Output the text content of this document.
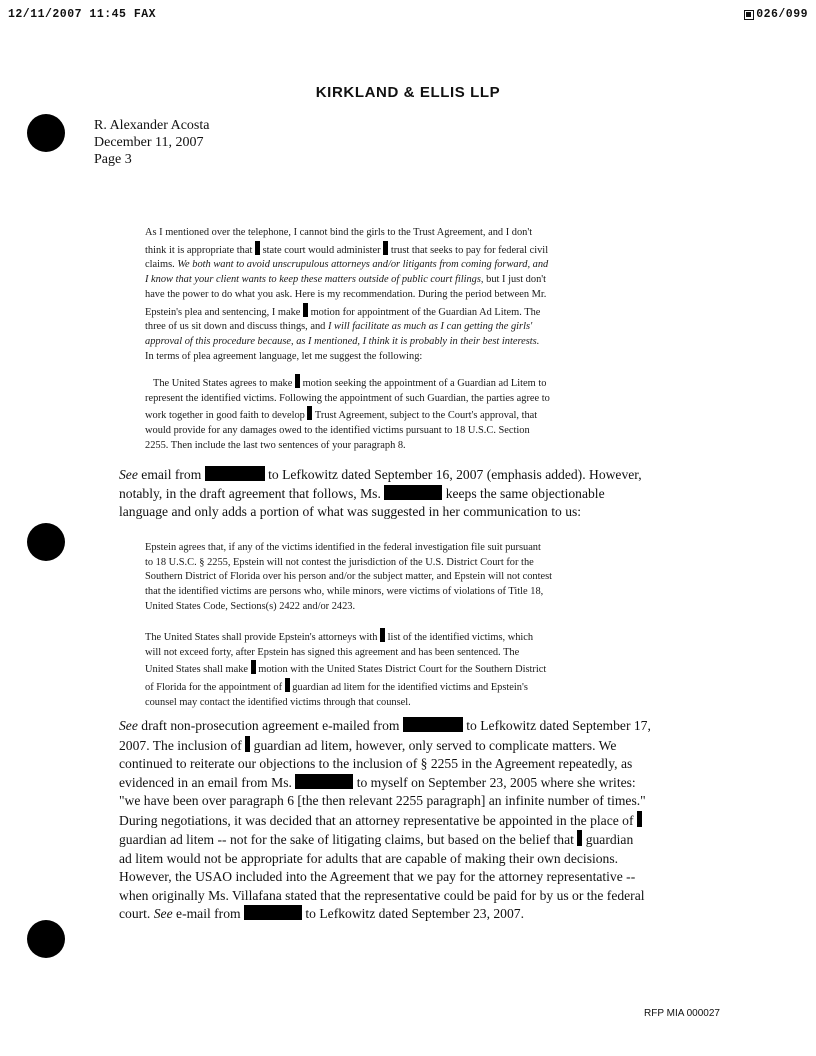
12/11/2007 11:45 FAX	026/099
KIRKLAND & ELLIS LLP
R. Alexander Acosta
December 11, 2007
Page 3
As I mentioned over the telephone, I cannot bind the girls to the Trust Agreement, and I don't
think it is appropriate that state court would administer trust that seeks to pay for federal civil
claims. We both want to avoid unscrupulous attorneys and/or litigants from coming forward, and
I know that your client wants to keep these matters outside of public court filings, but I just don't
have the power to do what you ask. Here is my recommendation. During the period between Mr.
Epstein's plea and sentencing, I make motion for appointment of the Guardian Ad Litem. The
three of us sit down and discuss things, and I will facilitate as much as I can getting the girls'
approval of this procedure because, as I mentioned, I think it is probably in their best interests.
In terms of plea agreement language, let me suggest the following:
The United States agrees to make motion seeking the appointment of a Guardian ad Litem to
represent the identified victims. Following the appointment of such Guardian, the parties agree to
work together in good faith to develop Trust Agreement, subject to the Court's approval, that
would provide for any damages owed to the identified victims pursuant to 18 U.S.C. Section
2255. Then include the last two sentences of your paragraph 8.
See email from	to Lefkowitz dated September 16, 2007 (emphasis added). However,
notably, in the draft agreement that follows, Ms.	keeps the same objectionable
language and only adds a portion of what was suggested in her communication to us:
Epstein agrees that, if any of the victims identified in the federal investigation file suit pursuant
to 18 U.S.C. § 2255, Epstein will not contest the jurisdiction of the U.S. District Court for the
Southern District of Florida over his person and/or the subject matter, and Epstein will not contest
that the identified victims are persons who, while minors, were victims of violations of Title 18,
United States Code, Sections(s) 2422 and/or 2423.
The United States shall provide Epstein's attorneys with list of the identified victims, which
will not exceed forty, after Epstein has signed this agreement and has been sentenced. The
United States shall make motion with the United States District Court for the Southern District
of Florida for the appointment of guardian ad litem for the identified victims and Epstein's
counsel may contact the identified victims through that counsel.
See draft non-prosecution agreement e-mailed from	to Lefkowitz dated September 17,
2007. The inclusion of guardian ad litem, however, only served to complicate matters. We
continued to reiterate our objections to the inclusion of § 2255 in the Agreement repeatedly, as
evidenced in an email from Ms.	to myself on September 23, 2005 where she writes:
"we have been over paragraph 6 [the then relevant 2255 paragraph] an infinite number of times."
During negotiations, it was decided that an attorney representative be appointed in the place of
guardian ad litem -- not for the sake of litigating claims, but based on the belief that guardian
ad litem would not be appropriate for adults that are capable of making their own decisions.
However, the USAO included into the Agreement that we pay for the attorney representative --
when originally Ms. Villafana stated that the representative could be paid for by us or the federal
court. See e-mail from	to Lefkowitz dated September 23, 2007.
RFP MIA 000027
